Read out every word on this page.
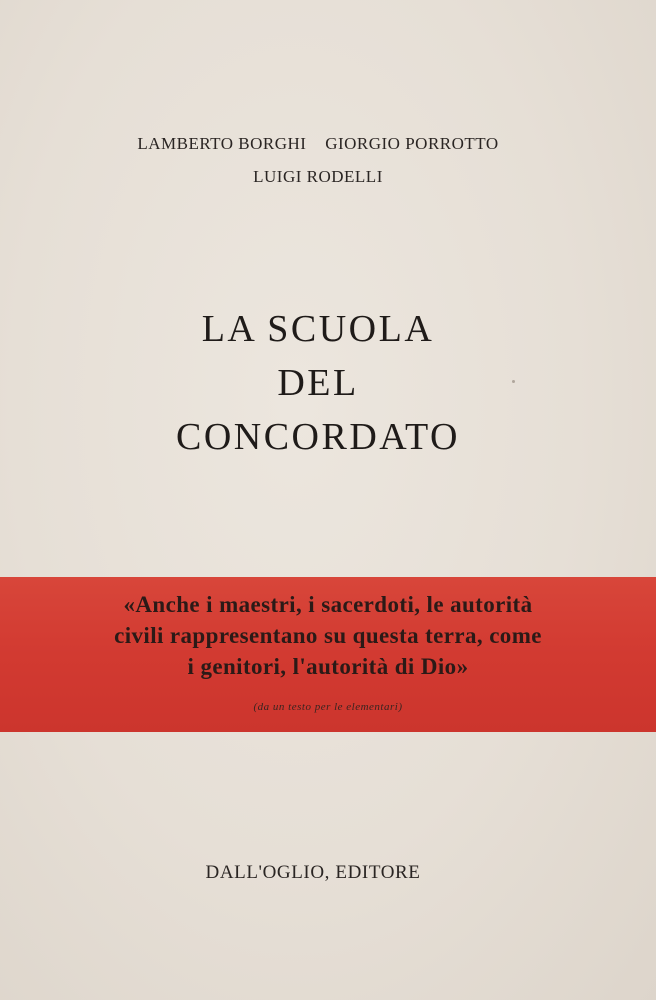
LAMBERTO BORGHI GIORGIO PORROTTO
LUIGI RODELLI
LA SCUOLA
DEL
CONCORDATO
«Anche i maestri, i sacerdoti, le autorità
civili rappresentano su questa terra, come
i genitori, l'autorità di Dio»
(da un testo per le elementari)
DALL'OGLIO, EDITORE
